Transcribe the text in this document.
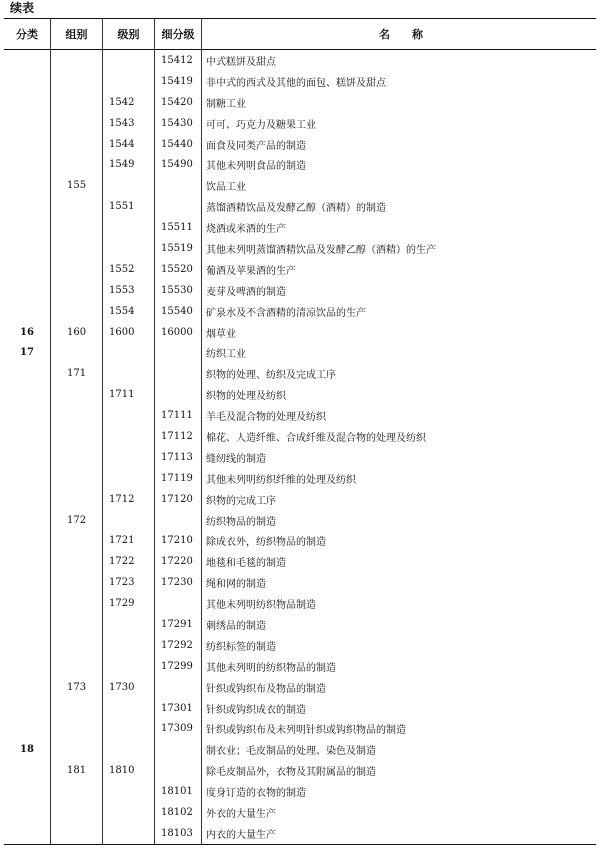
续表
分类	组别	级别	细分级	名　　称
			15412	中式糕饼及甜点
			15419	非中式的西式及其他的面包、糕饼及甜点
		1542	15420	制糖工业
		1543	15430	可可、巧克力及糖果工业
		1544	15440	面食及同类产品的制造
		1549	15490	其他未列明食品的制造
	155			饮品工业
		1551		蒸馏酒精饮品及发酵乙醇（酒精）的制造
			15511	烧酒或米酒的生产
			15519	其他未列明蒸馏酒精饮品及发酵乙醇（酒精）的生产
		1552	15520	葡酒及苹果酒的生产
		1553	15530	麦芽及啤酒的制造
		1554	15540	矿泉水及不含酒精的清凉饮品的生产
16	160	1600	16000	烟草业
17				纺织工业
	171			织物的处理、纺织及完成工序
		1711		织物的处理及纺织
			17111	羊毛及混合物的处理及纺织
			17112	棉花、人造纤维、合成纤维及混合物的处理及纺织
			17113	缝纫线的制造
			17119	其他未列明纺织纤维的处理及纺织
		1712	17120	织物的完成工序
	172			纺织物品的制造
		1721	17210	除成衣外，纺织物品的制造
		1722	17220	地毯和毛毯的制造
		1723	17230	绳和网的制造
		1729		其他未列明纺织物品制造
			17291	刺绣品的制造
			17292	纺织标签的制造
			17299	其他未列明的纺织物品的制造
	173	1730		针织或钩织布及物品的制造
			17301	针织或钩织成衣的制造
			17309	针织或钩织布及未列明针织或钩织物品的制造
18				制衣业；毛皮制品的处理、染色及制造
	181	1810		除毛皮制品外，衣物及其附属品的制造
			18101	度身订造的衣物的制造
			18102	外衣的大量生产
			18103	内衣的大量生产
